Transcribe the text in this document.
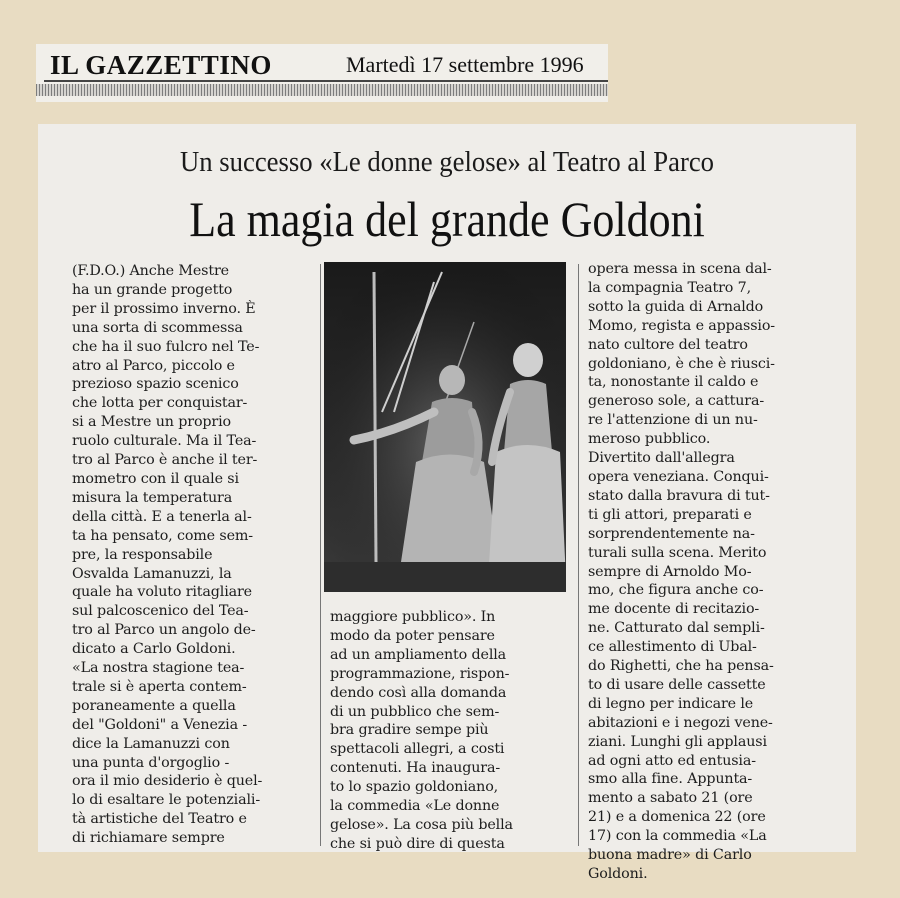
IL GAZZETTINO	Martedì 17 settembre 1996
Un successo «Le donne gelose» al Teatro al Parco
La magia del grande Goldoni
(F.D.O.) Anche Mestre
ha un grande progetto
per il prossimo inverno. È
una sorta di scommessa
che ha il suo fulcro nel Te-
atro al Parco, piccolo e
prezioso spazio scenico
che lotta per conquistar-
si a Mestre un proprio
ruolo culturale. Ma il Tea-
tro al Parco è anche il ter-
mometro con il quale si
misura la temperatura
della città. E a tenerla al-
ta ha pensato, come sem-
pre, la responsabile
Osvalda Lamanuzzi, la
quale ha voluto ritagliare
sul palcoscenico del Tea-
tro al Parco un angolo de-
dicato a Carlo Goldoni.
«La nostra stagione tea-
trale si è aperta contem-
poraneamente a quella
del "Goldoni" a Venezia -
dice la Lamanuzzi con
una punta d'orgoglio -
ora il mio desiderio è quel-
lo di esaltare le potenziali-
tà artistiche del Teatro e
di richiamare sempre
maggiore pubblico». In
modo da poter pensare
ad un ampliamento della
programmazione, rispon-
dendo così alla domanda
di un pubblico che sem-
bra gradire sempe più
spettacoli allegri, a costi
contenuti. Ha inaugura-
to lo spazio goldoniano,
la commedia «Le donne
gelose». La cosa più bella
che si può dire di questa
opera messa in scena dal-
la compagnia Teatro 7,
sotto la guida di Arnaldo
Momo, regista e appassio-
nato cultore del teatro
goldoniano, è che è riusci-
ta, nonostante il caldo e
generoso sole, a cattura-
re l'attenzione di un nu-
meroso pubblico.
Divertito dall'allegra
opera veneziana. Conqui-
stato dalla bravura di tut-
ti gli attori, preparati e
sorprendentemente na-
turali sulla scena. Merito
sempre di Arnoldo Mo-
mo, che figura anche co-
me docente di recitazio-
ne. Catturato dal sempli-
ce allestimento di Ubal-
do Righetti, che ha pensa-
to di usare delle cassette
di legno per indicare le
abitazioni e i negozi vene-
ziani. Lunghi gli applausi
ad ogni atto ed entusia-
smo alla fine. Appunta-
mento a sabato 21 (ore
21) e a domenica 22 (ore
17) con la commedia «La
buona madre» di Carlo
Goldoni.
